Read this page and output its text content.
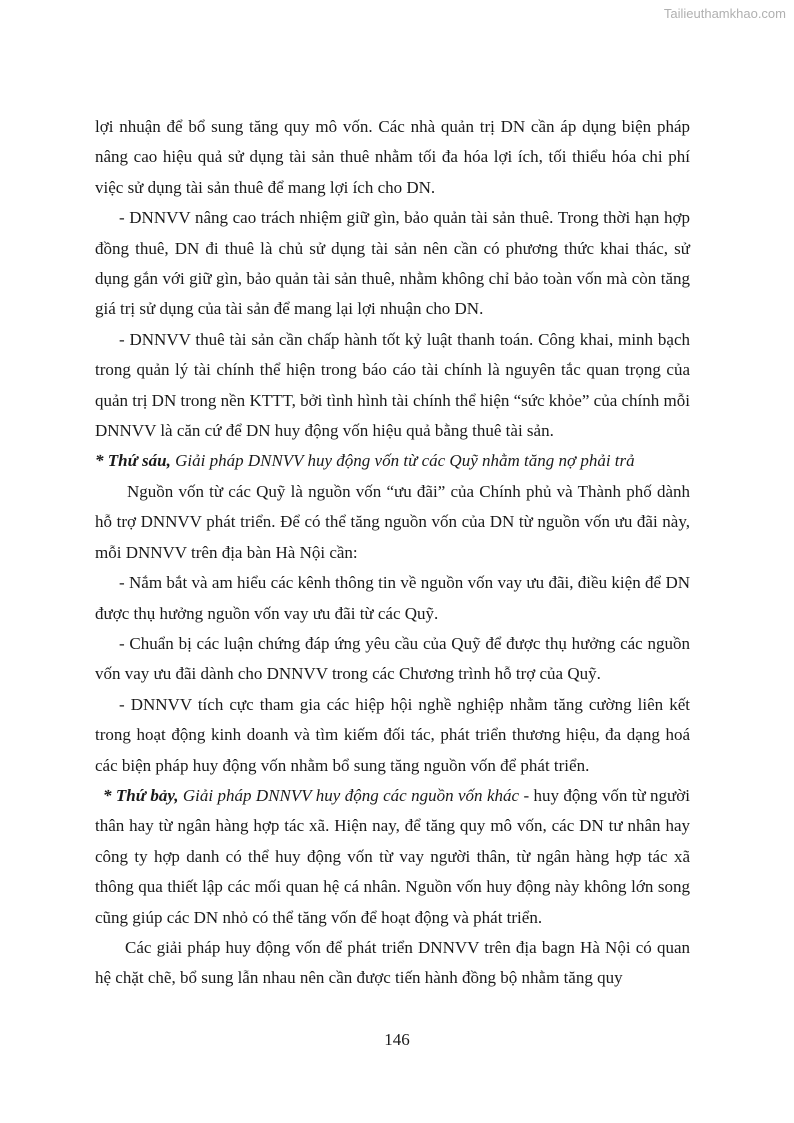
Tailieuthamkhao.com

lợi nhuận để bổ sung tăng quy mô vốn. Các nhà quản trị DN cần áp dụng biện pháp nâng cao hiệu quả sử dụng tài sản thuê nhằm tối đa hóa lợi ích, tối thiểu hóa chi phí việc sử dụng tài sản thuê để mang lợi ích cho DN.

- DNNVV nâng cao trách nhiệm giữ gìn, bảo quản tài sản thuê. Trong thời hạn hợp đồng thuê, DN đi thuê là chủ sử dụng tài sản nên cần có phương thức khai thác, sử dụng gắn với giữ gìn, bảo quản tài sản thuê, nhằm không chỉ bảo toàn vốn mà còn tăng giá trị sử dụng của tài sản để mang lại lợi nhuận cho DN.

- DNNVV thuê tài sản cần chấp hành tốt kỷ luật thanh toán. Công khai, minh bạch trong quản lý tài chính thể hiện trong báo cáo tài chính là nguyên tắc quan trọng của quản trị DN trong nền KTTT, bởi tình hình tài chính thể hiện “sức khỏe” của chính mỗi DNNVV là căn cứ để DN huy động vốn hiệu quả bằng thuê tài sản.

* Thứ sáu, Giải pháp DNNVV huy động vốn từ các Quỹ nhằm tăng nợ phải trả

Nguồn vốn từ các Quỹ là nguồn vốn “ưu đãi” của Chính phủ và Thành phố dành hỗ trợ DNNVV phát triển. Để có thể tăng nguồn vốn của DN từ nguồn vốn ưu đãi này, mỗi DNNVV trên địa bàn Hà Nội cần:

- Nắm bắt và am hiểu các kênh thông tin về nguồn vốn vay ưu đãi, điều kiện để DN được thụ hưởng nguồn vốn vay ưu đãi từ các Quỹ.

- Chuẩn bị các luận chứng đáp ứng yêu cầu của Quỹ để được thụ hưởng các nguồn vốn vay ưu đãi dành cho DNNVV trong các Chương trình hỗ trợ của Quỹ.

- DNNVV tích cực tham gia các hiệp hội nghề nghiệp nhằm tăng cường liên kết trong hoạt động kinh doanh và tìm kiếm đối tác, phát triển thương hiệu, đa dạng hoá các biện pháp huy động vốn nhằm bổ sung tăng nguồn vốn để phát triển.

* Thứ bảy, Giải pháp DNNVV huy động các nguồn vốn khác - huy động vốn từ người thân hay từ ngân hàng hợp tác xã. Hiện nay, để tăng quy mô vốn, các DN tư nhân hay công ty hợp danh có thể huy động vốn từ vay người thân, từ ngân hàng hợp tác xã thông qua thiết lập các mối quan hệ cá nhân. Nguồn vốn huy động này không lớn song cũng giúp các DN nhỏ có thể tăng vốn để hoạt động và phát triển.

Các giải pháp huy động vốn để phát triển DNNVV trên địa bagn Hà Nội có quan hệ chặt chẽ, bổ sung lẫn nhau nên cần được tiến hành đồng bộ nhằm tăng quy

146
